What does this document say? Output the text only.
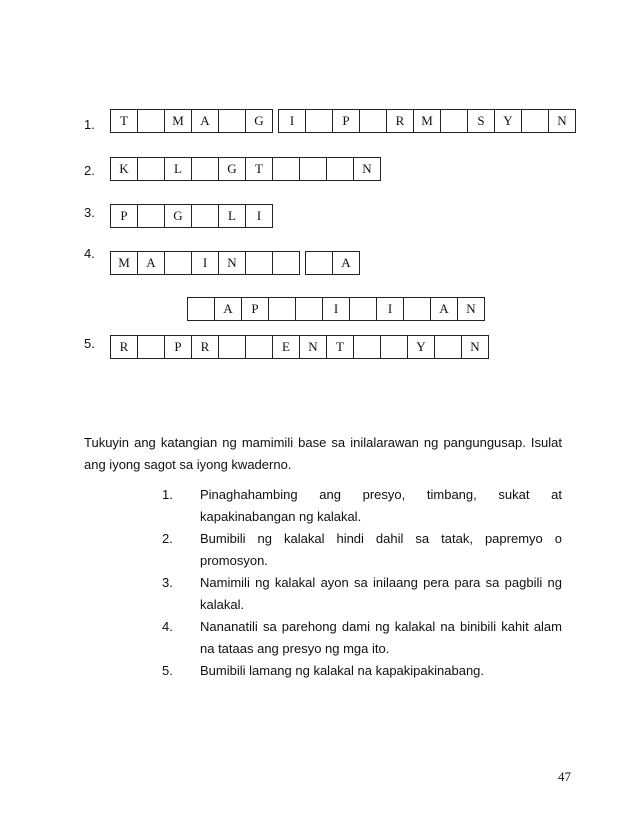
1.
2.
3.
4.
5.
T	M	A	G	I	P	R	M	S	Y	N
K	L	G	T	N
P	G	L	I
M	A	I	N	A
A	P	I	I	A	N
R	P	R	E	N	T	Y	N
Tukuyin ang katangian ng mamimili base sa inilalarawan ng pangungusap. Isulat ang iyong sagot sa iyong kwaderno.
1.	Pinaghahambing ang presyo, timbang, sukat at kapakinabangan ng kalakal.
2.	Bumibili ng kalakal hindi dahil sa tatak, papremyo o promosyon.
3.	Namimili ng kalakal ayon sa inilaang pera para sa pagbili ng kalakal.
4.	Nananatili sa parehong dami ng kalakal na binibili kahit alam na tataas ang presyo ng mga ito.
5.	Bumibili lamang ng kalakal na kapakipakinabang.
47
